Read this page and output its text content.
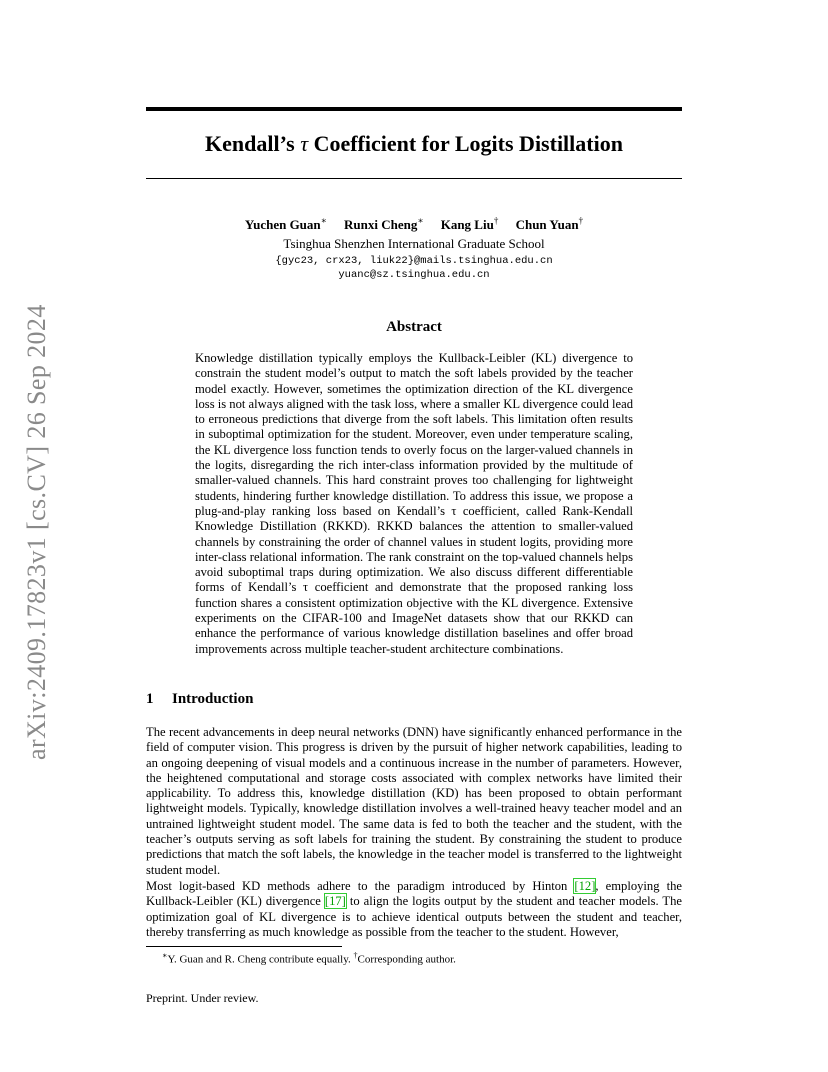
arXiv:2409.17823v1 [cs.CV] 26 Sep 2024
Kendall’s τ Coefficient for Logits Distillation
Yuchen Guan∗ Runxi Cheng∗ Kang Liu† Chun Yuan†
Tsinghua Shenzhen International Graduate School
{gyc23, crx23, liuk22}@mails.tsinghua.edu.cn
yuanc@sz.tsinghua.edu.cn
Abstract

Knowledge distillation typically employs the Kullback-Leibler (KL) divergence to constrain the student model’s output to match the soft labels provided by the teacher model exactly. However, sometimes the optimization direction of the KL divergence loss is not always aligned with the task loss, where a smaller KL divergence could lead to erroneous predictions that diverge from the soft labels. This limitation often results in suboptimal optimization for the student. Moreover, even under temperature scaling, the KL divergence loss function tends to overly focus on the larger-valued channels in the logits, disregarding the rich inter-class information provided by the multitude of smaller-valued channels. This hard constraint proves too challenging for lightweight students, hindering further knowledge distillation. To address this issue, we propose a plug-and-play ranking loss based on Kendall’s τ coefficient, called Rank-Kendall Knowledge Distillation (RKKD). RKKD balances the attention to smaller-valued channels by constraining the order of channel values in student logits, providing more inter-class relational information. The rank constraint on the top-valued channels helps avoid suboptimal traps during optimization. We also discuss different differentiable forms of Kendall’s τ coefficient and demonstrate that the proposed ranking loss function shares a consistent optimization objective with the KL divergence. Extensive experiments on the CIFAR-100 and ImageNet datasets show that our RKKD can enhance the performance of various knowledge distillation baselines and offer broad improvements across multiple teacher-student architecture combinations.

1 Introduction

The recent advancements in deep neural networks (DNN) have significantly enhanced performance in the field of computer vision. This progress is driven by the pursuit of higher network capabilities, leading to an ongoing deepening of visual models and a continuous increase in the number of parameters. However, the heightened computational and storage costs associated with complex networks have limited their applicability. To address this, knowledge distillation (KD) has been proposed to obtain performant lightweight models. Typically, knowledge distillation involves a well-trained heavy teacher model and an untrained lightweight student model. The same data is fed to both the teacher and the student, with the teacher’s outputs serving as soft labels for training the student. By constraining the student to produce predictions that match the soft labels, the knowledge in the teacher model is transferred to the lightweight student model.

Most logit-based KD methods adhere to the paradigm introduced by Hinton [12], employing the Kullback-Leibler (KL) divergence [17] to align the logits output by the student and teacher models. The optimization goal of KL divergence is to achieve identical outputs between the student and teacher, thereby transferring as much knowledge as possible from the teacher to the student. However,

∗Y. Guan and R. Cheng contribute equally. †Corresponding author.
Preprint. Under review.
